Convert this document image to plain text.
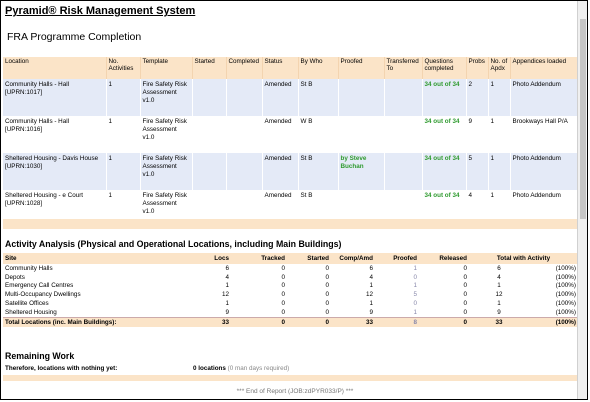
Pyramid® Risk Management System
FRA Programme Completion
Location	No. Activities	Template	Started	Completed	Status	By Who	Proofed	Transferred To	Questions completed	Probs	No. of Apdx	Appendices loaded
Community Halls - Hall [UPRN:1017]	1	Fire Safety Risk Assessment v1.0			Amended	St B			34 out of 34	2	1	Photo Addendum
Community Halls - Hall [UPRN:1016]	1	Fire Safety Risk Assessment v1.0			Amended	W B			34 out of 34	9	1	Brookways Hall P/A
Sheltered Housing - Davis House [UPRN:1030]	1	Fire Safety Risk Assessment v1.0			Amended	St B	by Steve Buchan		34 out of 34	5	1	Photo Addendum
Sheltered Housing - e Court [UPRN:1028]	1	Fire Safety Risk Assessment v1.0			Amended	St B			34 out of 34	4	1	Photo Addendum
Activity Analysis (Physical and Operational Locations, including Main Buildings)
Site	Locs	Tracked	Started	Comp/Amd	Proofed	Released	Total with Activity	
Community Halls	6	0	0	6	1	0	6	(100%)
Depots	4	0	0	4	0	0	4	(100%)
Emergency Call Centres	1	0	0	1	1	0	1	(100%)
Multi-Occupancy Dwellings	12	0	0	12	5	0	12	(100%)
Satellite Offices	1	0	0	1	0	0	1	(100%)
Sheltered Housing	9	0	0	9	1	0	9	(100%)
Total Locations (inc. Main Buildings):	33	0	0	33	8	0	33	(100%)
Remaining Work
Therefore, locations with nothing yet:	0 locations (0 man days required)
*** End of Report (JOB:zdPYR033/P) ***
